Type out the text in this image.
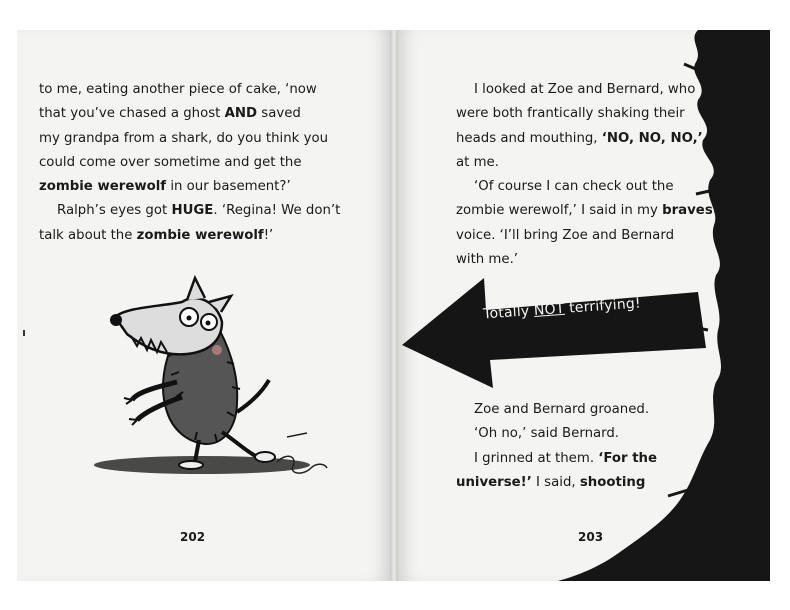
to me, eating another piece of cake, ‘now

that you’ve chased a ghost AND saved

my grandpa from a shark, do you think you

could come over sometime and get the

zombie werewolf in our basement?’

Ralph’s eyes got HUGE. ‘Regina! We don’t

talk about the zombie werewolf!’

202

I looked at Zoe and Bernard, who

were both frantically shaking their

heads and mouthing, ‘NO, NO, NO,’

at me.

‘Of course I can check out the

zombie werewolf,’ I said in my bravest

voice. ‘I’ll bring Zoe and Bernard

with me.’

Totally NOT terrifying!

Zoe and Bernard groaned.

‘Oh no,’ said Bernard.

I grinned at them. ‘For the

universe!’ I said, shooting

203
